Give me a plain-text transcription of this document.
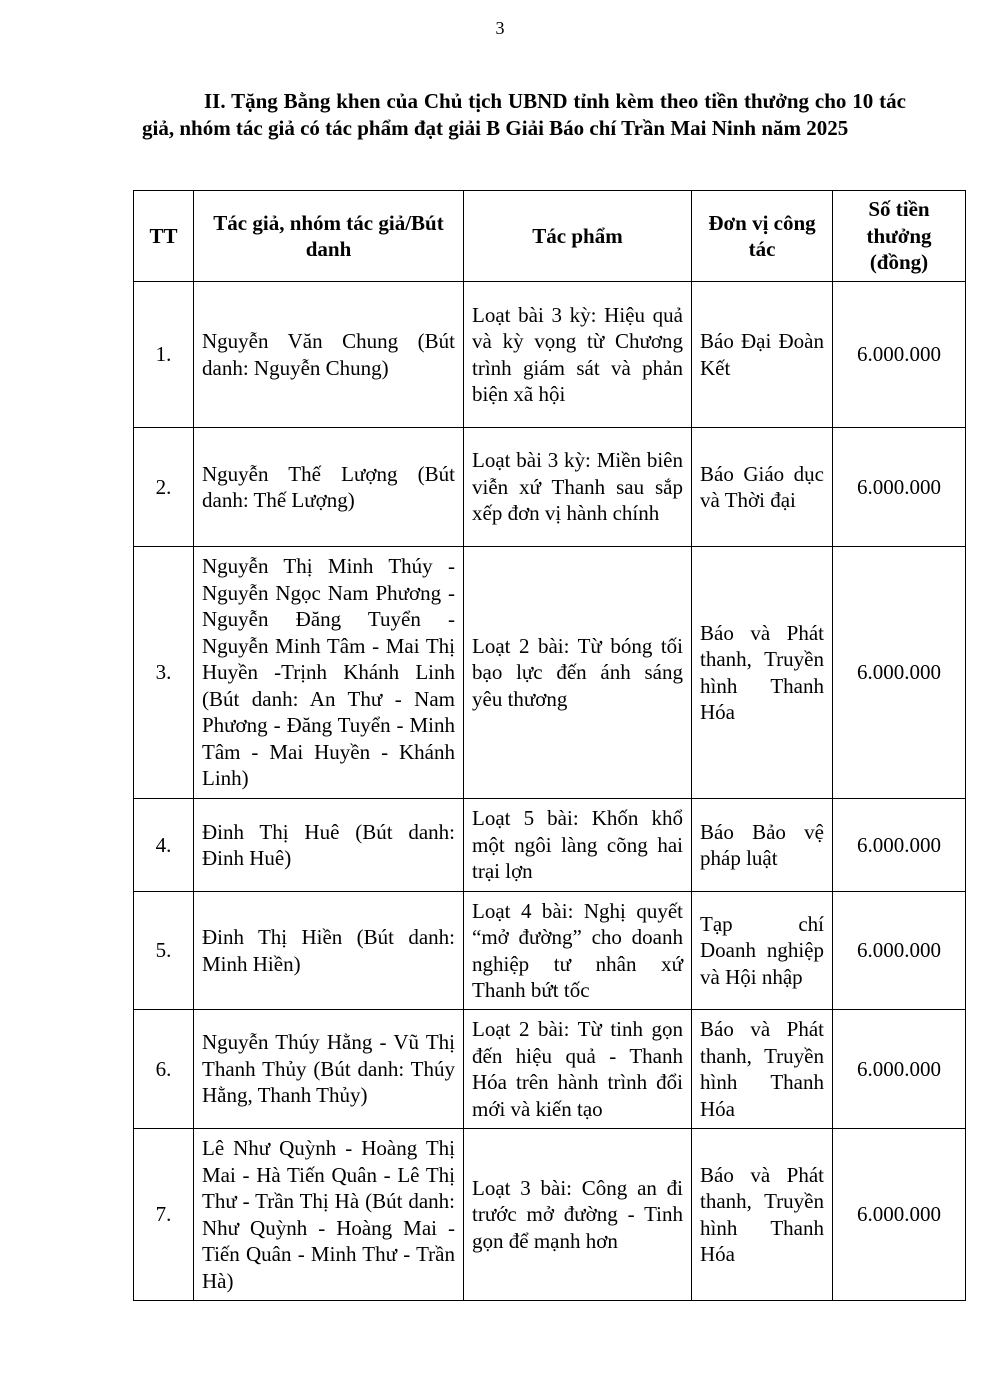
3
II. Tặng Bằng khen của Chủ tịch UBND tỉnh kèm theo tiền thưởng cho 10 tác giả, nhóm tác giả có tác phẩm đạt giải B Giải Báo chí Trần Mai Ninh năm 2025
TT	Tác giả, nhóm tác giả/Bút danh	Tác phẩm	Đơn vị công tác	Số tiền thưởng (đồng)
1.	Nguyễn Văn Chung (Bút danh: Nguyễn Chung)	Loạt bài 3 kỳ: Hiệu quả và kỳ vọng từ Chương trình giám sát và phản biện xã hội	Báo Đại Đoàn Kết	6.000.000
2.	Nguyễn Thế Lượng (Bút danh: Thế Lượng)	Loạt bài 3 kỳ: Miền biên viễn xứ Thanh sau sắp xếp đơn vị hành chính	Báo Giáo dục và Thời đại	6.000.000
3.	Nguyễn Thị Minh Thúy - Nguyễn Ngọc Nam Phương - Nguyễn Đăng Tuyển - Nguyễn Minh Tâm - Mai Thị Huyền -Trịnh Khánh Linh (Bút danh: An Thư - Nam Phương - Đăng Tuyển - Minh Tâm - Mai Huyền - Khánh Linh)	Loạt 2 bài: Từ bóng tối bạo lực đến ánh sáng yêu thương	Báo và Phát thanh, Truyền hình Thanh Hóa	6.000.000
4.	Đinh Thị Huê (Bút danh: Đinh Huê)	Loạt 5 bài: Khốn khổ một ngôi làng cõng hai trại lợn	Báo Bảo vệ pháp luật	6.000.000
5.	Đinh Thị Hiền (Bút danh: Minh Hiền)	Loạt 4 bài: Nghị quyết “mở đường” cho doanh nghiệp tư nhân xứ Thanh bứt tốc	Tạp chí Doanh nghiệp và Hội nhập	6.000.000
6.	Nguyễn Thúy Hằng - Vũ Thị Thanh Thủy (Bút danh: Thúy Hằng, Thanh Thủy)	Loạt 2 bài: Từ tinh gọn đến hiệu quả - Thanh Hóa trên hành trình đổi mới và kiến tạo	Báo và Phát thanh, Truyền hình Thanh Hóa	6.000.000
7.	Lê Như Quỳnh - Hoàng Thị Mai - Hà Tiến Quân - Lê Thị Thư - Trần Thị Hà (Bút danh: Như Quỳnh - Hoàng Mai - Tiến Quân - Minh Thư - Trần Hà)	Loạt 3 bài: Công an đi trước mở đường - Tinh gọn để mạnh hơn	Báo và Phát thanh, Truyền hình Thanh Hóa	6.000.000
